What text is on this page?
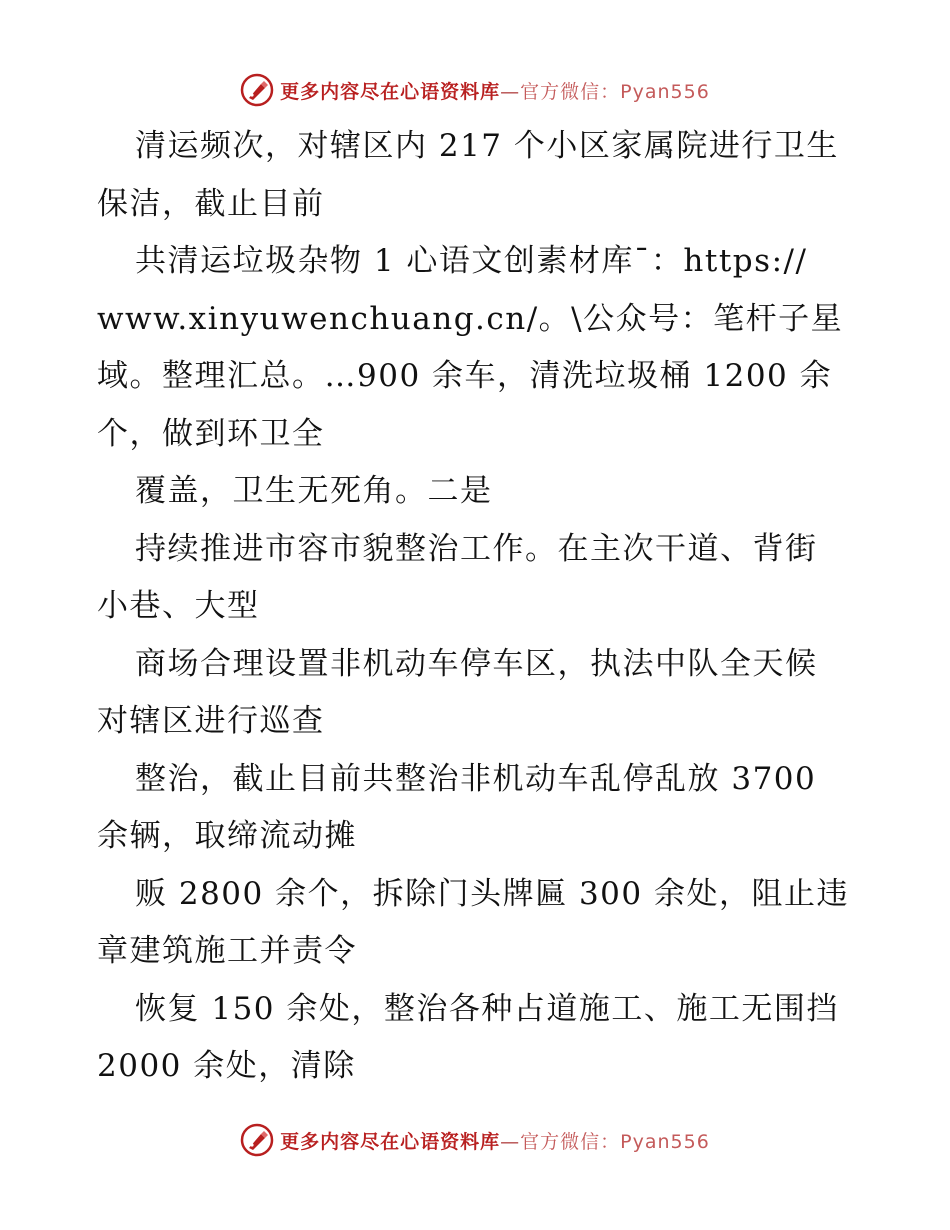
更多内容尽在心语资料库—官方微信：Pyan556
清运频次，对辖区内 217 个小区家属院进行卫生
保洁，截止目前
共清运垃圾杂物 1 心语文创素材库¯：https://
www.xinyuwenchuang.cn/。\公众号：笔杆子星
域。整理汇总。…900 余车，清洗垃圾桶 1200 余
个，做到环卫全
覆盖，卫生无死角。二是
持续推进市容市貌整治工作。在主次干道、背街
小巷、大型
商场合理设置非机动车停车区，执法中队全天候
对辖区进行巡查
整治，截止目前共整治非机动车乱停乱放 3700
余辆，取缔流动摊
贩 2800 余个，拆除门头牌匾 300 余处，阻止违
章建筑施工并责令
恢复 150 余处，整治各种占道施工、施工无围挡
2000 余处，清除
更多内容尽在心语资料库—官方微信：Pyan556
